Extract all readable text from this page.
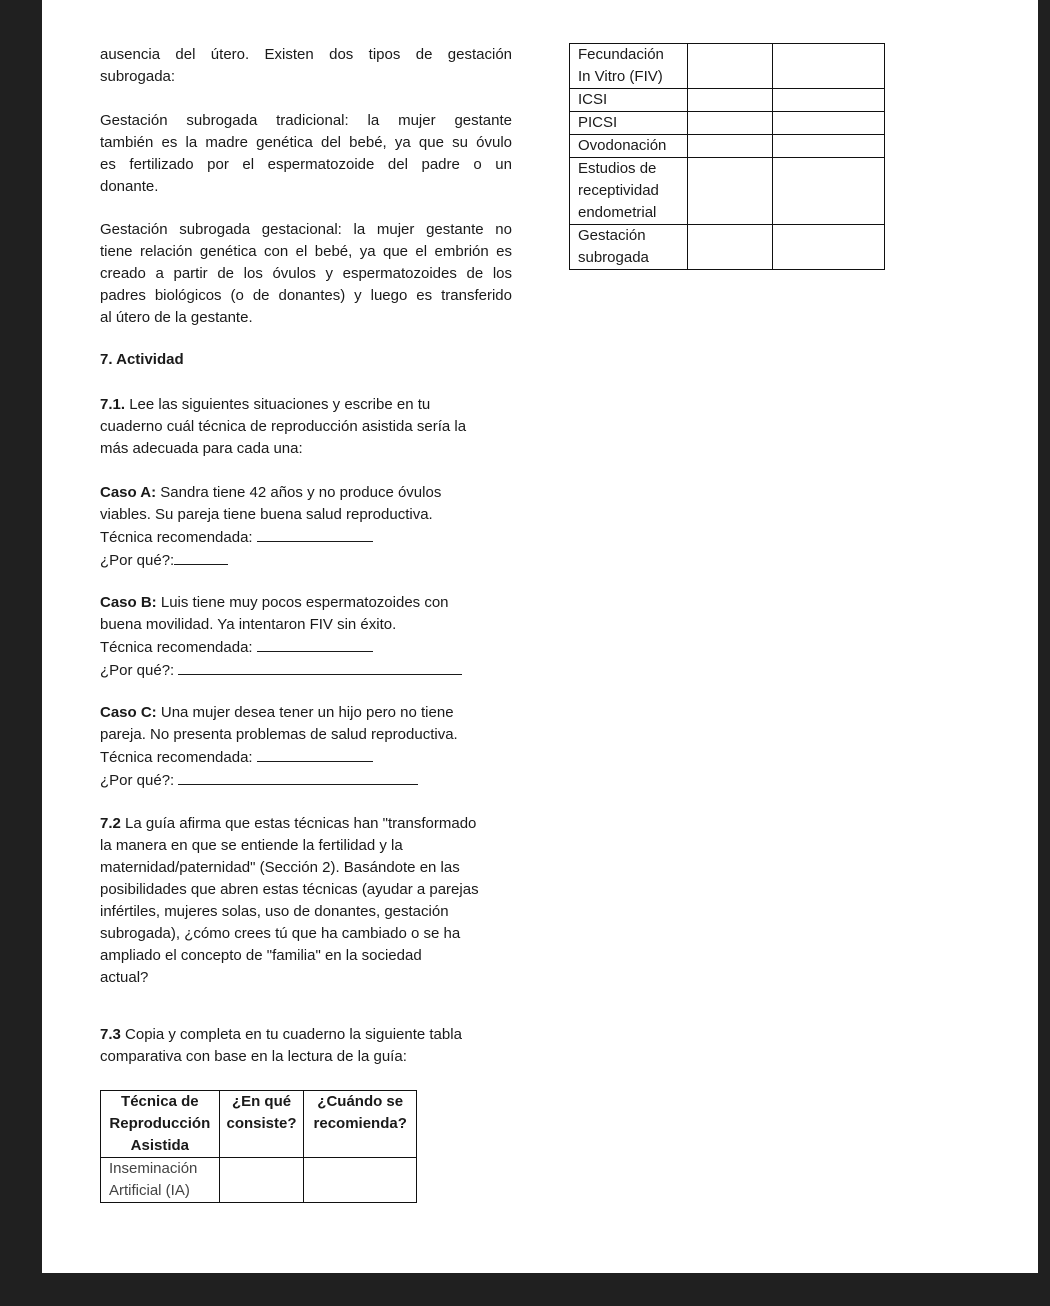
ausencia del útero. Existen dos tipos de gestación
subrogada:
Gestación subrogada tradicional: la mujer gestante
también es la madre genética del bebé, ya que su óvulo
es fertilizado por el espermatozoide del padre o un
donante.
Gestación subrogada gestacional: la mujer gestante no
tiene relación genética con el bebé, ya que el embrión es
creado a partir de los óvulos y espermatozoides de los
padres biológicos (o de donantes) y luego es transferido
al útero de la gestante.
7. Actividad
7.1. Lee las siguientes situaciones y escribe en tu
cuaderno cuál técnica de reproducción asistida sería la
más adecuada para cada una:
Caso A: Sandra tiene 42 años y no produce óvulos
viables. Su pareja tiene buena salud reproductiva.
Técnica recomendada:
¿Por qué?:
Caso B: Luis tiene muy pocos espermatozoides con
buena movilidad. Ya intentaron FIV sin éxito.
Técnica recomendada:
¿Por qué?:
Caso C: Una mujer desea tener un hijo pero no tiene
pareja. No presenta problemas de salud reproductiva.
Técnica recomendada:
¿Por qué?:
7.2 La guía afirma que estas técnicas han "transformado
la manera en que se entiende la fertilidad y la
maternidad/paternidad" (Sección 2). Basándote en las
posibilidades que abren estas técnicas (ayudar a parejas
infértiles, mujeres solas, uso de donantes, gestación
subrogada), ¿cómo crees tú que ha cambiado o se ha
ampliado el concepto de "familia" en la sociedad
actual?
7.3 Copia y completa en tu cuaderno la siguiente tabla
comparativa con base en la lectura de la guía:
Técnica de
Reproducción
Asistida	¿En qué
consiste?	¿Cuándo se
recomienda?

Inseminación
Artificial (IA)		

Fecundación
In Vitro (FIV)		

ICSI		

PICSI		

Ovodonación		

Estudios de
receptividad
endometrial		

Gestación
subrogada		
